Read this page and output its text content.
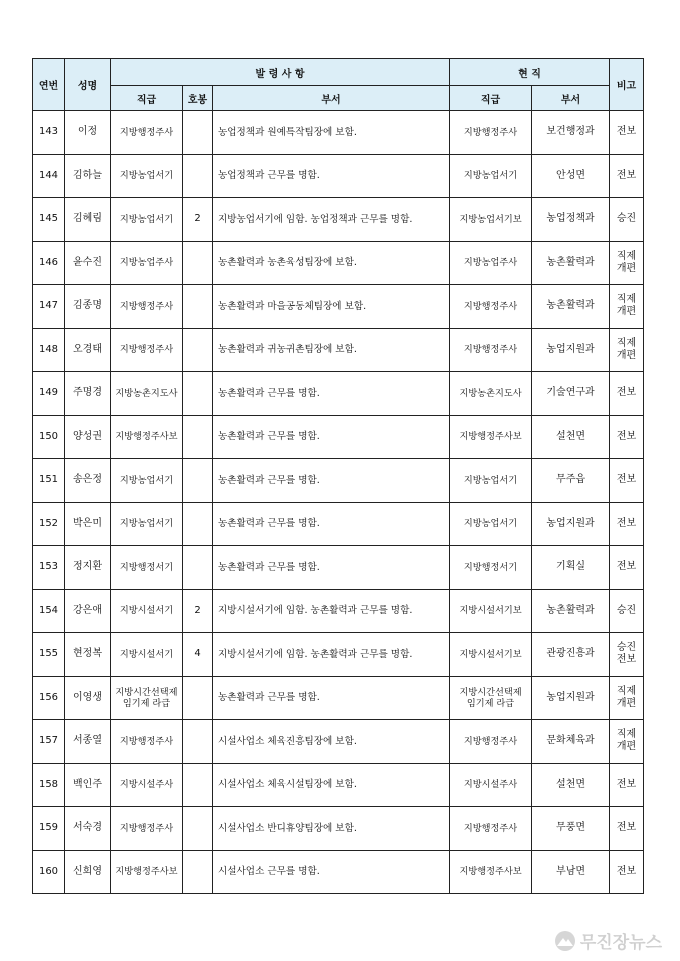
연번	성명	발 령 사 항			현 직		비고
		직급	호봉	부서	직급	부서	
143	이정	지방행정주사		농업정책과 원예특작팀장에 보함.	지방행정주사	보건행정과	전보
144	김하늘	지방농업서기		농업정책과 근무를 명함.	지방농업서기	안성면	전보
145	김혜림	지방농업서기	2	지방농업서기에 임함. 농업정책과 근무를 명함.	지방농업서기보	농업정책과	승진
146	윤수진	지방농업주사		농촌활력과 농촌육성팀장에 보함.	지방농업주사	농촌활력과	직제
개편
147	김종명	지방행정주사		농촌활력과 마을공동체팀장에 보함.	지방행정주사	농촌활력과	직제
개편
148	오경태	지방행정주사		농촌활력과 귀농귀촌팀장에 보함.	지방행정주사	농업지원과	직제
개편
149	주명경	지방농촌지도사		농촌활력과 근무를 명함.	지방농촌지도사	기술연구과	전보
150	양성권	지방행정주사보		농촌활력과 근무를 명함.	지방행정주사보	설천면	전보
151	송은정	지방농업서기		농촌활력과 근무를 명함.	지방농업서기	무주읍	전보
152	박은미	지방농업서기		농촌활력과 근무를 명함.	지방농업서기	농업지원과	전보
153	정지환	지방행정서기		농촌활력과 근무를 명함.	지방행정서기	기획실	전보
154	강은애	지방시설서기	2	지방시설서기에 임함. 농촌활력과 근무를 명함.	지방시설서기보	농촌활력과	승진
155	현정복	지방시설서기	4	지방시설서기에 임함. 농촌활력과 근무를 명함.	지방시설서기보	관광진흥과	승진
전보
156	이영생	지방시간선택제
임기제 라급		농촌활력과 근무를 명함.	지방시간선택제
임기제 라급	농업지원과	직제
개편
157	서종열	지방행정주사		시설사업소 체육진흥팀장에 보함.	지방행정주사	문화체육과	직제
개편
158	백인주	지방시설주사		시설사업소 체육시설팀장에 보함.	지방시설주사	설천면	전보
159	서숙경	지방행정주사		시설사업소 반디휴양팀장에 보함.	지방행정주사	무풍면	전보
160	신희영	지방행정주사보		시설사업소 근무를 명함.	지방행정주사보	부남면	전보
무진장뉴스
